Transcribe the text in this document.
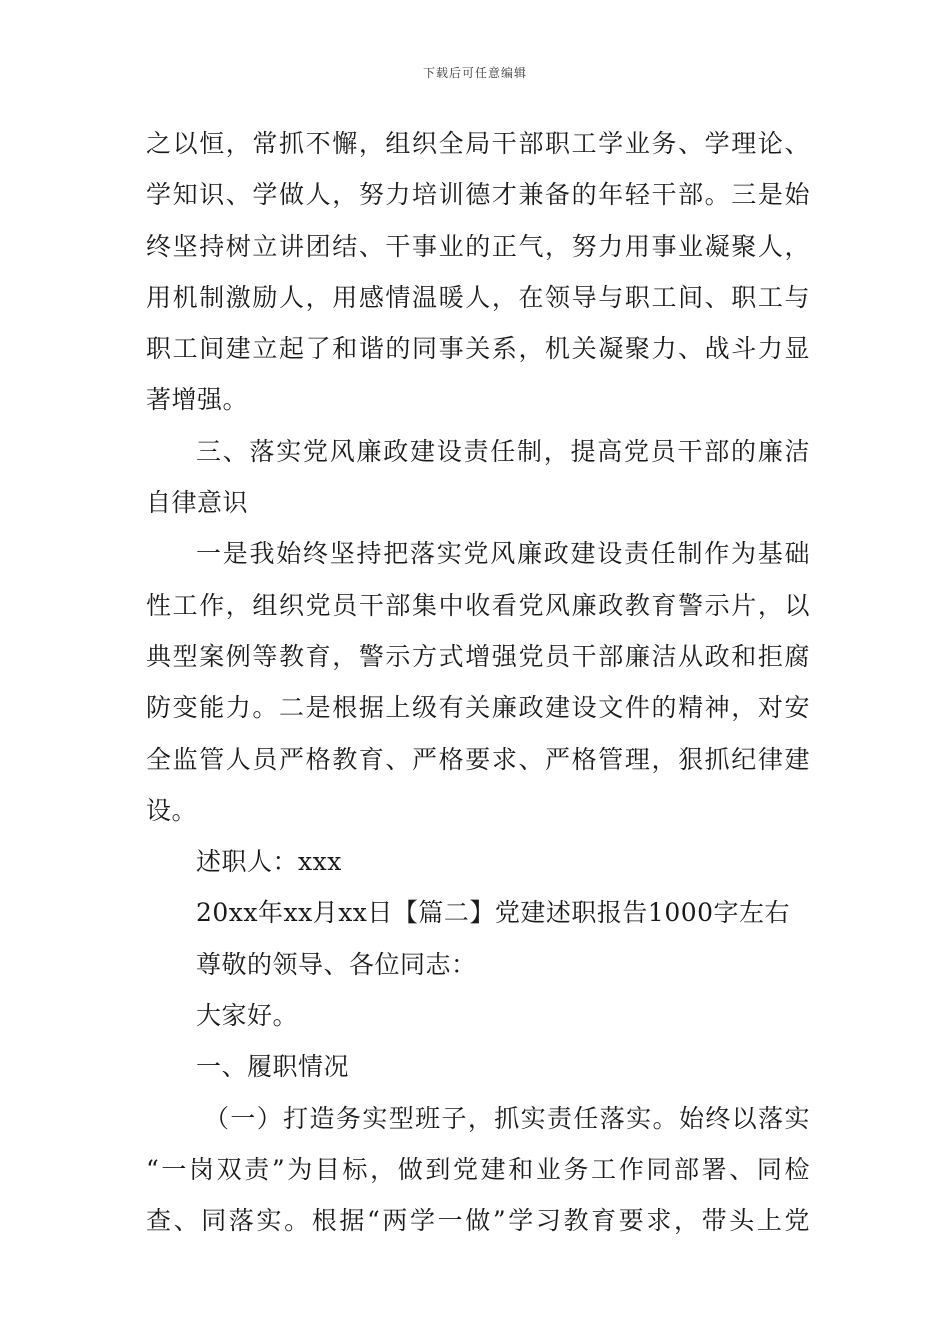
下载后可任意编辑
之以恒，常抓不懈，组织全局干部职工学业务、学理论、
学知识、学做人，努力培训德才兼备的年轻干部。三是始
终坚持树立讲团结、干事业的正气，努力用事业凝聚人，
用机制激励人，用感情温暖人，在领导与职工间、职工与
职工间建立起了和谐的同事关系，机关凝聚力、战斗力显
著增强。
三、落实党风廉政建设责任制，提高党员干部的廉洁
自律意识
一是我始终坚持把落实党风廉政建设责任制作为基础
性工作，组织党员干部集中收看党风廉政教育警示片，以
典型案例等教育，警示方式增强党员干部廉洁从政和拒腐
防变能力。二是根据上级有关廉政建设文件的精神，对安
全监管人员严格教育、严格要求、严格管理，狠抓纪律建
设。
述职人：xxx
20xx年xx月xx日【篇二】党建述职报告1000字左右
尊敬的领导、各位同志：
大家好。
一、履职情况
（一）打造务实型班子，抓实责任落实。始终以落实
“一岗双责”为目标，做到党建和业务工作同部署、同检
查、同落实。根据“两学一做”学习教育要求，带头上党
